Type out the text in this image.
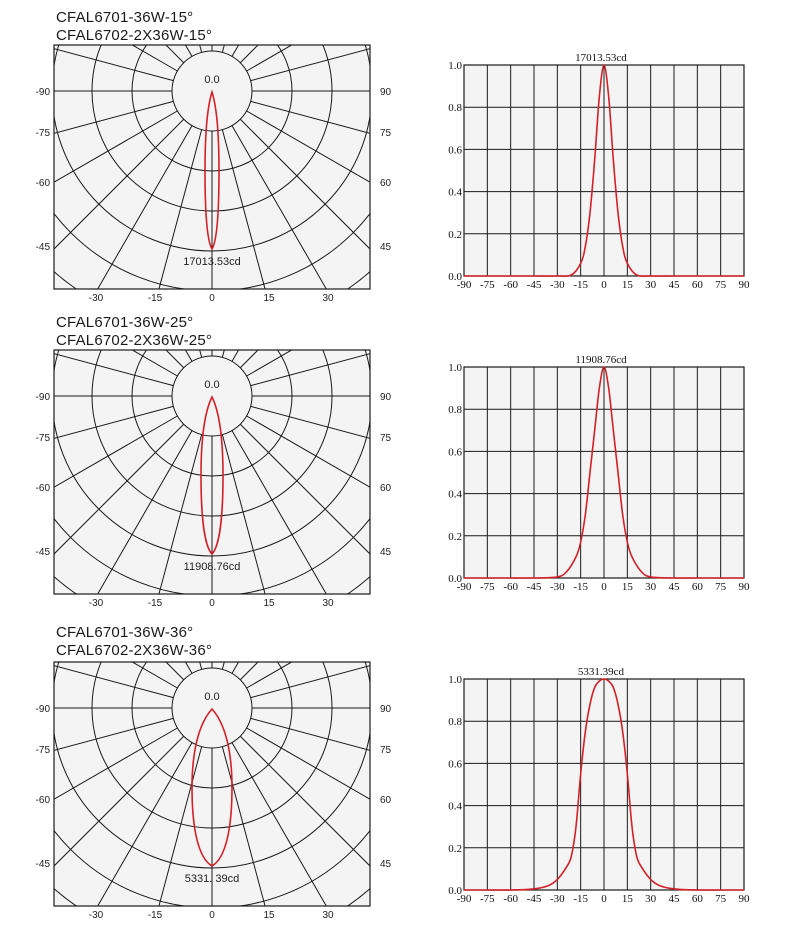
CFAL6701-36W-15°
CFAL6702-2X36W-15°
CFAL6701-36W-25°
CFAL6702-2X36W-25°
CFAL6701-36W-36°
CFAL6702-2X36W-36°
0.0
17013.53cd
-90
-75
-60
-45
90
75
60
45
-30	-15	0	15	30
17013.53cd
0.0
0.2
0.4
0.6
0.8
1.0
-90 -75 -60 -45 -30 -15 0 15 30 45 60 75 90
0.0
11908.76cd
-90
-75
-60
-45
90
75
60
45
-30	-15	0	15	30
11908.76cd
0.0
0.2
0.4
0.6
0.8
1.0
-90 -75 -60 -45 -30 -15 0 15 30 45 60 75 90
0.0
5331. 39cd
-90
-75
-60
-45
90
75
60
45
-30	-15	0	15	30
5331.39cd
0.0
0.2
0.4
0.6
0.8
1.0
-90 -75 -60 -45 -30 -15 0 15 30 45 60 75 90
